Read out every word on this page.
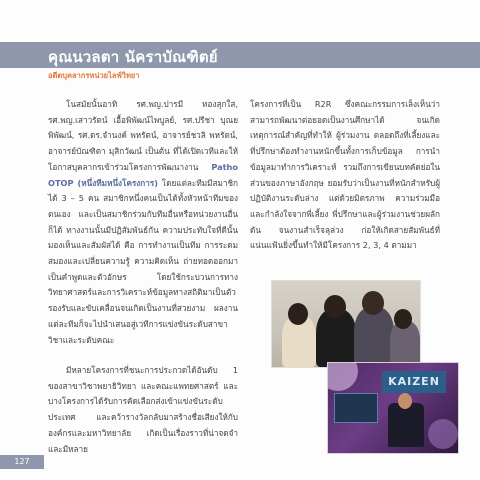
คุณนวลตา นัคราบัณฑิตย์
อดีตบุคลากรหน่วยไลฟ์วิทยา

โนสมัยนั้นอาทิ รศ.พญ.ปารมี ทองสุกใส, รศ.พญ.เสาวรัตน์ เอื้อพิพัฒน์ไพบูลย์, รศ.ปรีชา บุณยพิพัฒน์, รศ.ดร.จำนงค์ พหรัตน์, อาจารย์ชวลิ พหรัตน์, อาจารย์บัณฑิตา มุสิกวัฒน์ เป็นต้น ที่ได้เปิดเวทีและให้โอกาสบุคลากรเข้าร่วมโครงการพัฒนางาน Patho OTOP (หนึ่งทีมหนึ่งโครงการ) โดยแต่ละทีมมีสมาชิกได้ 3 – 5 คน สมาชิกหนึ่งคนเป็นได้ทั้งหัวหน้าทีมของตนเอง และเป็นสมาชิกร่วมกับทีมอื่นหรือหน่วยงานอื่นก็ได้ ทางงานนั้นมีปฏิสัมพันธ์กัน ความประทับใจที่ดีนั้นมองเห็นและสัมผัสได้ คือ การทำงานเป็นทีม การระดมสมองและเปลี่ยนความรู้ ความคิดเห็น ถ่ายทอดออกมาเป็นคำพูดและตัวอักษร โดยใช้กระบวนการทางวิทยาศาสตร์และการวิเคราะห์ข้อมูลทางสถิติมาเป็นตัวรองรับและขับเคลื่อนจนเกิดเป็นงานที่สวยงาม ผลงานแต่ละทีมก็จะไปนำเสนอสู่เวทีการแข่งขันระดับสาขาวิชาและระดับคณะ

มีหลายโครงการที่ชนะการประกวดได้อันดับ 1 ของสาขาวิชาพยาธิวิทยา และคณะแพทยศาสตร์ และบางโครงการได้รับการคัดเลือกส่งเข้าแข่งขันระดับประเทศ และคว้ารางวัลกลับมาสร้างชื่อเสียงให้กับองค์กรและมหาวิทยาลัย เกิดเป็นเรื่องราวที่น่าจดจำ และมีหลาย

โครงการที่เป็น R2R ซึ่งคณะกรรมการเล็งเห็นว่าสามารถพัฒนาต่อยอดเป็นงานศึกษาได้ จนเกิดเหตุการณ์สำคัญที่ทำให้ ผู้ร่วมงาน ตลอดถึงที่เลี้ยงและที่ปรึกษาต้องทำงานหนักขึ้นทั้งการเก็บข้อมูล การนำข้อมูลมาทำการวิเคราะห์ รวมถึงการเขียนบทคัดย่อในส่วนของภาษาอังกฤษ ยอมรับว่าเป็นงานที่หนักสำหรับผู้ปฏิบัติงานระดับล่าง แต่ด้วยมิตรภาพ ความร่วมมือ และกำลังใจจากพี่เลี้ยง พี่ปรึกษาและผู้ร่วมงานช่วยผลักดัน จนงานสำเร็จลุล่วง ก่อให้เกิดสายสัมพันธ์ที่แน่นแฟ้นยิ่งขึ้นทำให้มีโครงการ 2, 3, 4 ตามมา

KAIZEN
127
